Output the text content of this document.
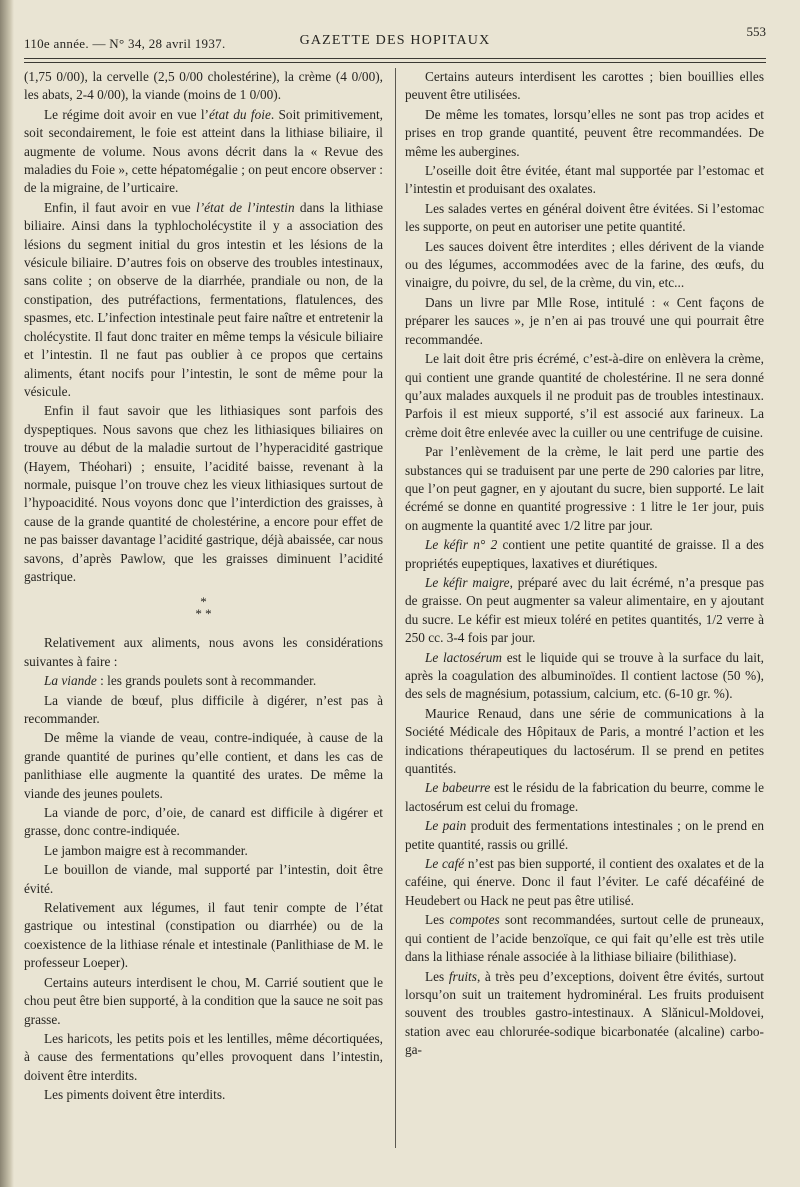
110e année. — N° 34, 28 avril 1937.	GAZETTE DES HOPITAUX
553

(1,75 0/00), la cervelle (2,5 0/00 cholestérine), la crème (4 0/00), les abats, 2-4 0/00), la viande (moins de 1 0/00).

Le régime doit avoir en vue l’état du foie. Soit primitivement, soit secondairement, le foie est atteint dans la lithiase biliaire, il augmente de volume. Nous avons décrit dans la « Revue des maladies du Foie », cette hépatomégalie ; on peut encore observer : de la migraine, de l’urticaire.

Enfin, il faut avoir en vue l’état de l’intestin dans la lithiase biliaire. Ainsi dans la typhlocholécystite il y a association des lésions du segment initial du gros intestin et les lésions de la vésicule biliaire. D’autres fois on observe des troubles intestinaux, sans colite ; on observe de la diarrhée, prandiale ou non, de la constipation, des putréfactions, fermentations, flatulences, des spasmes, etc. L’infection intestinale peut faire naître et entretenir la cholécystite. Il faut donc traiter en même temps la vésicule biliaire et l’intestin. Il ne faut pas oublier à ce propos que certains aliments, étant nocifs pour l’intestin, le sont de même pour la vésicule.

Enfin il faut savoir que les lithiasiques sont parfois des dyspeptiques. Nous savons que chez les lithiasiques biliaires on trouve au début de la maladie surtout de l’hyperacidité gastrique (Hayem, Théohari) ; ensuite, l’acidité baisse, revenant à la normale, puisque l’on trouve chez les vieux lithiasiques surtout de l’hypoacidité. Nous voyons donc que l’interdiction des graisses, à cause de la grande quantité de cholestérine, a encore pour effet de ne pas baisser davantage l’acidité gastrique, déjà abaissée, car nous savons, d’après Pawlow, que les graisses diminuent l’acidité gastrique.

*
* *

Relativement aux aliments, nous avons les considérations suivantes à faire :

La viande : les grands poulets sont à recommander.

La viande de bœuf, plus difficile à digérer, n’est pas à recommander.

De même la viande de veau, contre-indiquée, à cause de la grande quantité de purines qu’elle contient, et dans les cas de panlithiase elle augmente la quantité des urates. De même la viande des jeunes poulets.

La viande de porc, d’oie, de canard est difficile à digérer et grasse, donc contre-indiquée.

Le jambon maigre est à recommander.

Le bouillon de viande, mal supporté par l’intestin, doit être évité.

Relativement aux légumes, il faut tenir compte de l’état gastrique ou intestinal (constipation ou diarrhée) ou de la coexistence de la lithiase rénale et intestinale (Panlithiase de M. le professeur Loeper).

Certains auteurs interdisent le chou, M. Carrié soutient que le chou peut être bien supporté, à la condition que la sauce ne soit pas grasse.

Les haricots, les petits pois et les lentilles, même décortiquées, à cause des fermentations qu’elles provoquent dans l’intestin, doivent être interdits.

Les piments doivent être interdits.

Certains auteurs interdisent les carottes ; bien bouillies elles peuvent être utilisées.

De même les tomates, lorsqu’elles ne sont pas trop acides et prises en trop grande quantité, peuvent être recommandées. De même les aubergines.

L’oseille doit être évitée, étant mal supportée par l’estomac et l’intestin et produisant des oxalates.

Les salades vertes en général doivent être évitées. Si l’estomac les supporte, on peut en autoriser une petite quantité.

Les sauces doivent être interdites ; elles dérivent de la viande ou des légumes, accommodées avec de la farine, des œufs, du vinaigre, du poivre, du sel, de la crème, du vin, etc...

Dans un livre par Mlle Rose, intitulé : « Cent façons de préparer les sauces », je n’en ai pas trouvé une qui pourrait être recommandée.

Le lait doit être pris écrémé, c’est-à-dire on enlèvera la crème, qui contient une grande quantité de cholestérine. Il ne sera donné qu’aux malades auxquels il ne produit pas de troubles intestinaux. Parfois il est mieux supporté, s’il est associé aux farineux. La crème doit être enlevée avec la cuiller ou une centrifuge de cuisine.

Par l’enlèvement de la crème, le lait perd une partie des substances qui se traduisent par une perte de 290 calories par litre, que l’on peut gagner, en y ajoutant du sucre, bien supporté. Le lait écrémé se donne en quantité progressive : 1 litre le 1er jour, puis on augmente la quantité avec 1/2 litre par jour.

Le kéfir n° 2 contient une petite quantité de graisse. Il a des propriétés eupeptiques, laxatives et diurétiques.

Le kéfir maigre, préparé avec du lait écrémé, n’a presque pas de graisse. On peut augmenter sa valeur alimentaire, en y ajoutant du sucre. Le kéfir est mieux toléré en petites quantités, 1/2 verre à 250 cc. 3-4 fois par jour.

Le lactosérum est le liquide qui se trouve à la surface du lait, après la coagulation des albuminoïdes. Il contient lactose (50 %), des sels de magnésium, potassium, calcium, etc. (6-10 gr. %).

Maurice Renaud, dans une série de communications à la Société Médicale des Hôpitaux de Paris, a montré l’action et les indications thérapeutiques du lactosérum. Il se prend en petites quantités.

Le babeurre est le résidu de la fabrication du beurre, comme le lactosérum est celui du fromage.

Le pain produit des fermentations intestinales ; on le prend en petite quantité, rassis ou grillé.

Le café n’est pas bien supporté, il contient des oxalates et de la caféine, qui énerve. Donc il faut l’éviter. Le café décaféiné de Heudebert ou Hack ne peut pas être utilisé.

Les compotes sont recommandées, surtout celle de pruneaux, qui contient de l’acide benzoïque, ce qui fait qu’elle est très utile dans la lithiase rénale associée à la lithiase biliaire (bilithiase).

Les fruits, à très peu d’exceptions, doivent être évités, surtout lorsqu’on suit un traitement hydrominéral. Les fruits produisent souvent des troubles gastro-intestinaux. A Slănicul-Moldovei, station avec eau chlorurée-sodique bicarbonatée (alcaline) carbo-ga-
